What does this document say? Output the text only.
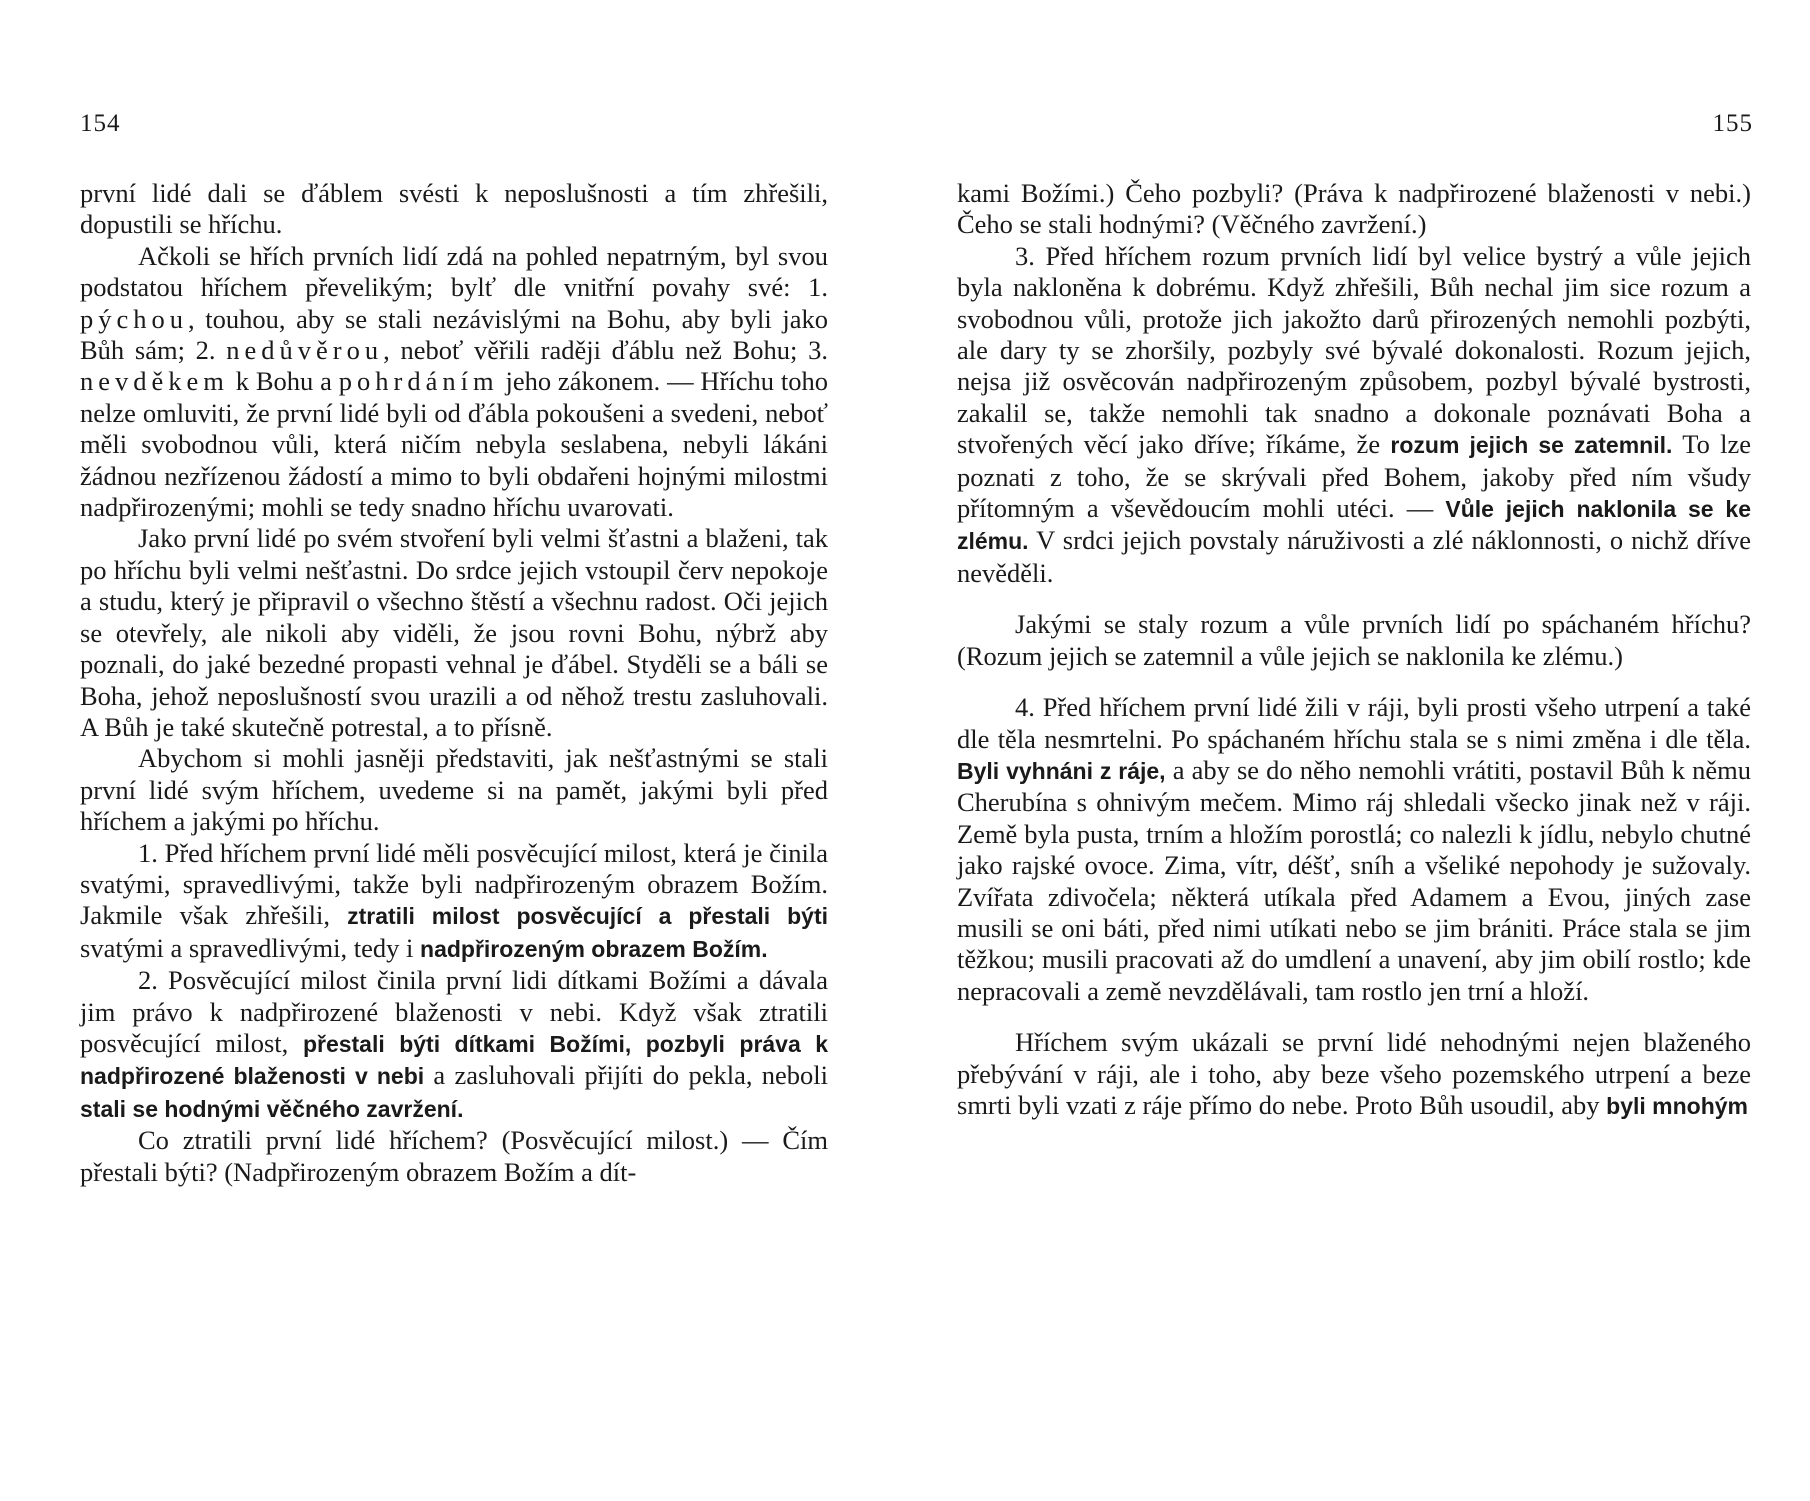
154

první lidé dali se ďáblem svésti k neposlušnosti a tím zhřešili, dopustili se hříchu.

Ačkoli se hřích prvních lidí zdá na pohled nepatrným, byl svou podstatou hříchem převelikým; bylť dle vnitřní povahy své: 1. pýchou, touhou, aby se stali nezávislými na Bohu, aby byli jako Bůh sám; 2. nedůvěrou, neboť věřili raději ďáblu než Bohu; 3. nevděkem k Bohu a pohrdáním jeho zákonem. — Hříchu toho nelze omluviti, že první lidé byli od ďábla pokoušeni a svedeni, neboť měli svobodnou vůli, která ničím nebyla seslabena, nebyli lákáni žádnou nezřízenou žádostí a mimo to byli obdařeni hojnými milostmi nadpřirozenými; mohli se tedy snadno hříchu uvarovati.

Jako první lidé po svém stvoření byli velmi šťastni a blaženi, tak po hříchu byli velmi nešťastni. Do srdce jejich vstoupil červ nepokoje a studu, který je připravil o všechno štěstí a všechnu radost. Oči jejich se otevřely, ale nikoli aby viděli, že jsou rovni Bohu, nýbrž aby poznali, do jaké bezedné propasti vehnal je ďábel. Styděli se a báli se Boha, jehož neposlušností svou urazili a od něhož trestu zasluhovali. A Bůh je také skutečně potrestal, a to přísně.

Abychom si mohli jasněji představiti, jak nešťastnými se stali první lidé svým hříchem, uvedeme si na pamět, jakými byli před hříchem a jakými po hříchu.

1. Před hříchem první lidé měli posvěcující milost, která je činila svatými, spravedlivými, takže byli nadpřirozeným obrazem Božím. Jakmile však zhřešili, ztratili milost posvěcující a přestali býti svatými a spravedlivými, tedy i nadpřirozeným obrazem Božím.

2. Posvěcující milost činila první lidi dítkami Božími a dávala jim právo k nadpřirozené blaženosti v nebi. Když však ztratili posvěcující milost, přestali býti dítkami Božími, pozbyli práva k nadpřirozené blaženosti v nebi a zasluhovali přijíti do pekla, neboli stali se hodnými věčného zavržení.

Co ztratili první lidé hříchem? (Posvěcující milost.) — Čím přestali býti? (Nadpřirozeným obrazem Božím a dít-

155

kami Božími.) Čeho pozbyli? (Práva k nadpřirozené blaženosti v nebi.) Čeho se stali hodnými? (Věčného zavržení.)

3. Před hříchem rozum prvních lidí byl velice bystrý a vůle jejich byla nakloněna k dobrému. Když zhřešili, Bůh nechal jim sice rozum a svobodnou vůli, protože jich jakožto darů přirozených nemohli pozbýti, ale dary ty se zhoršily, pozbyly své bývalé dokonalosti. Rozum jejich, nejsa již osvěcován nadpřirozeným způsobem, pozbyl bývalé bystrosti, zakalil se, takže nemohli tak snadno a dokonale poznávati Boha a stvořených věcí jako dříve; říkáme, že rozum jejich se zatemnil. To lze poznati z toho, že se skrývali před Bohem, jakoby před ním všudy přítomným a vševědoucím mohli utéci. — Vůle jejich naklonila se ke zlému. V srdci jejich povstaly náruživosti a zlé náklonnosti, o nichž dříve nevěděli.

Jakými se staly rozum a vůle prvních lidí po spáchaném hříchu? (Rozum jejich se zatemnil a vůle jejich se naklonila ke zlému.)

4. Před hříchem první lidé žili v ráji, byli prosti všeho utrpení a také dle těla nesmrtelni. Po spáchaném hříchu stala se s nimi změna i dle těla. Byli vyhnáni z ráje, a aby se do něho nemohli vrátiti, postavil Bůh k němu Cherubína s ohnivým mečem. Mimo ráj shledali všecko jinak než v ráji. Země byla pusta, trním a hložím porostlá; co nalezli k jídlu, nebylo chutné jako rajské ovoce. Zima, vítr, déšť, sníh a všeliké nepohody je sužovaly. Zvířata zdivočela; některá utíkala před Adamem a Evou, jiných zase musili se oni báti, před nimi utíkati nebo se jim brániti. Práce stala se jim těžkou; musili pracovati až do umdlení a unavení, aby jim obilí rostlo; kde nepracovali a země nevzdělávali, tam rostlo jen trní a hloží.

Hříchem svým ukázali se první lidé nehodnými nejen blaženého přebývání v ráji, ale i toho, aby beze všeho pozemského utrpení a beze smrti byli vzati z ráje přímo do nebe. Proto Bůh usoudil, aby byli mnohým
